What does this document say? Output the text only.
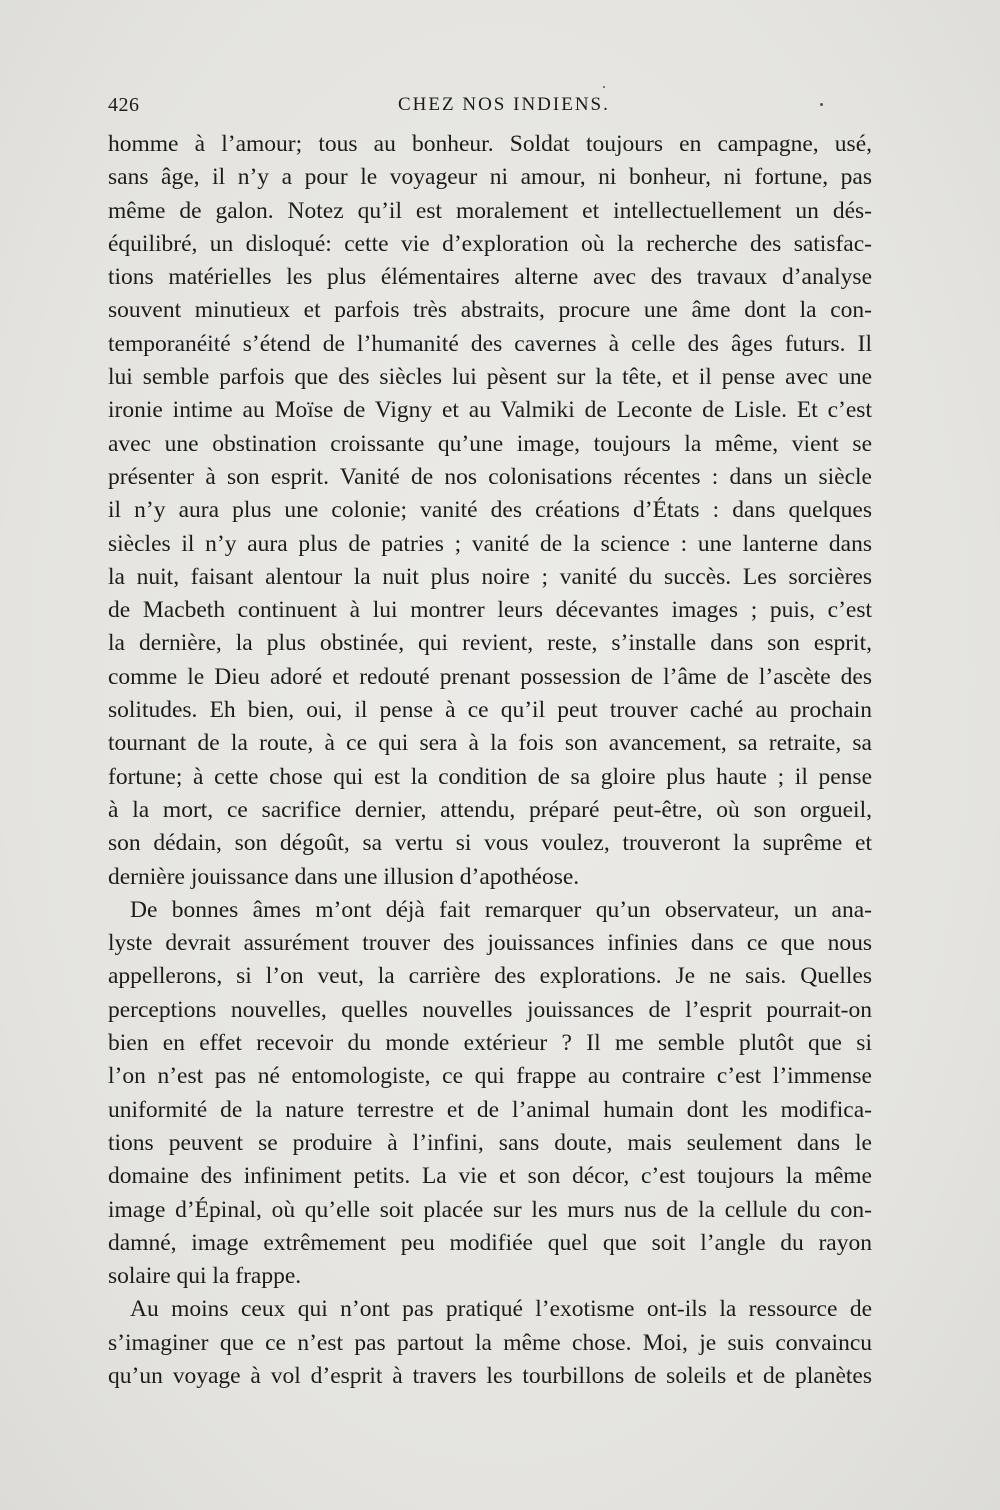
426	CHEZ NOS INDIENS.
homme à l’amour; tous au bonheur. Soldat toujours en campagne, usé,
sans âge, il n’y a pour le voyageur ni amour, ni bonheur, ni fortune, pas
même de galon. Notez qu’il est moralement et intellectuellement un dés-
équilibré, un disloqué: cette vie d’exploration où la recherche des satisfac-
tions matérielles les plus élémentaires alterne avec des travaux d’analyse
souvent minutieux et parfois très abstraits, procure une âme dont la con-
temporanéité s’étend de l’humanité des cavernes à celle des âges futurs. Il
lui semble parfois que des siècles lui pèsent sur la tête, et il pense avec une
ironie intime au Moïse de Vigny et au Valmiki de Leconte de Lisle. Et c’est
avec une obstination croissante qu’une image, toujours la même, vient se
présenter à son esprit. Vanité de nos colonisations récentes : dans un siècle
il n’y aura plus une colonie; vanité des créations d’États : dans quelques
siècles il n’y aura plus de patries ; vanité de la science : une lanterne dans
la nuit, faisant alentour la nuit plus noire ; vanité du succès. Les sorcières
de Macbeth continuent à lui montrer leurs décevantes images ; puis, c’est
la dernière, la plus obstinée, qui revient, reste, s’installe dans son esprit,
comme le Dieu adoré et redouté prenant possession de l’âme de l’ascète des
solitudes. Eh bien, oui, il pense à ce qu’il peut trouver caché au prochain
tournant de la route, à ce qui sera à la fois son avancement, sa retraite, sa
fortune; à cette chose qui est la condition de sa gloire plus haute ; il pense
à la mort, ce sacrifice dernier, attendu, préparé peut-être, où son orgueil,
son dédain, son dégoût, sa vertu si vous voulez, trouveront la suprême et
dernière jouissance dans une illusion d’apothéose.
De bonnes âmes m’ont déjà fait remarquer qu’un observateur, un ana-
lyste devrait assurément trouver des jouissances infinies dans ce que nous
appellerons, si l’on veut, la carrière des explorations. Je ne sais. Quelles
perceptions nouvelles, quelles nouvelles jouissances de l’esprit pourrait-on
bien en effet recevoir du monde extérieur ? Il me semble plutôt que si
l’on n’est pas né entomologiste, ce qui frappe au contraire c’est l’immense
uniformité de la nature terrestre et de l’animal humain dont les modifica-
tions peuvent se produire à l’infini, sans doute, mais seulement dans le
domaine des infiniment petits. La vie et son décor, c’est toujours la même
image d’Épinal, où qu’elle soit placée sur les murs nus de la cellule du con-
damné, image extrêmement peu modifiée quel que soit l’angle du rayon
solaire qui la frappe.
Au moins ceux qui n’ont pas pratiqué l’exotisme ont-ils la ressource de
s’imaginer que ce n’est pas partout la même chose. Moi, je suis convaincu
qu’un voyage à vol d’esprit à travers les tourbillons de soleils et de planètes
